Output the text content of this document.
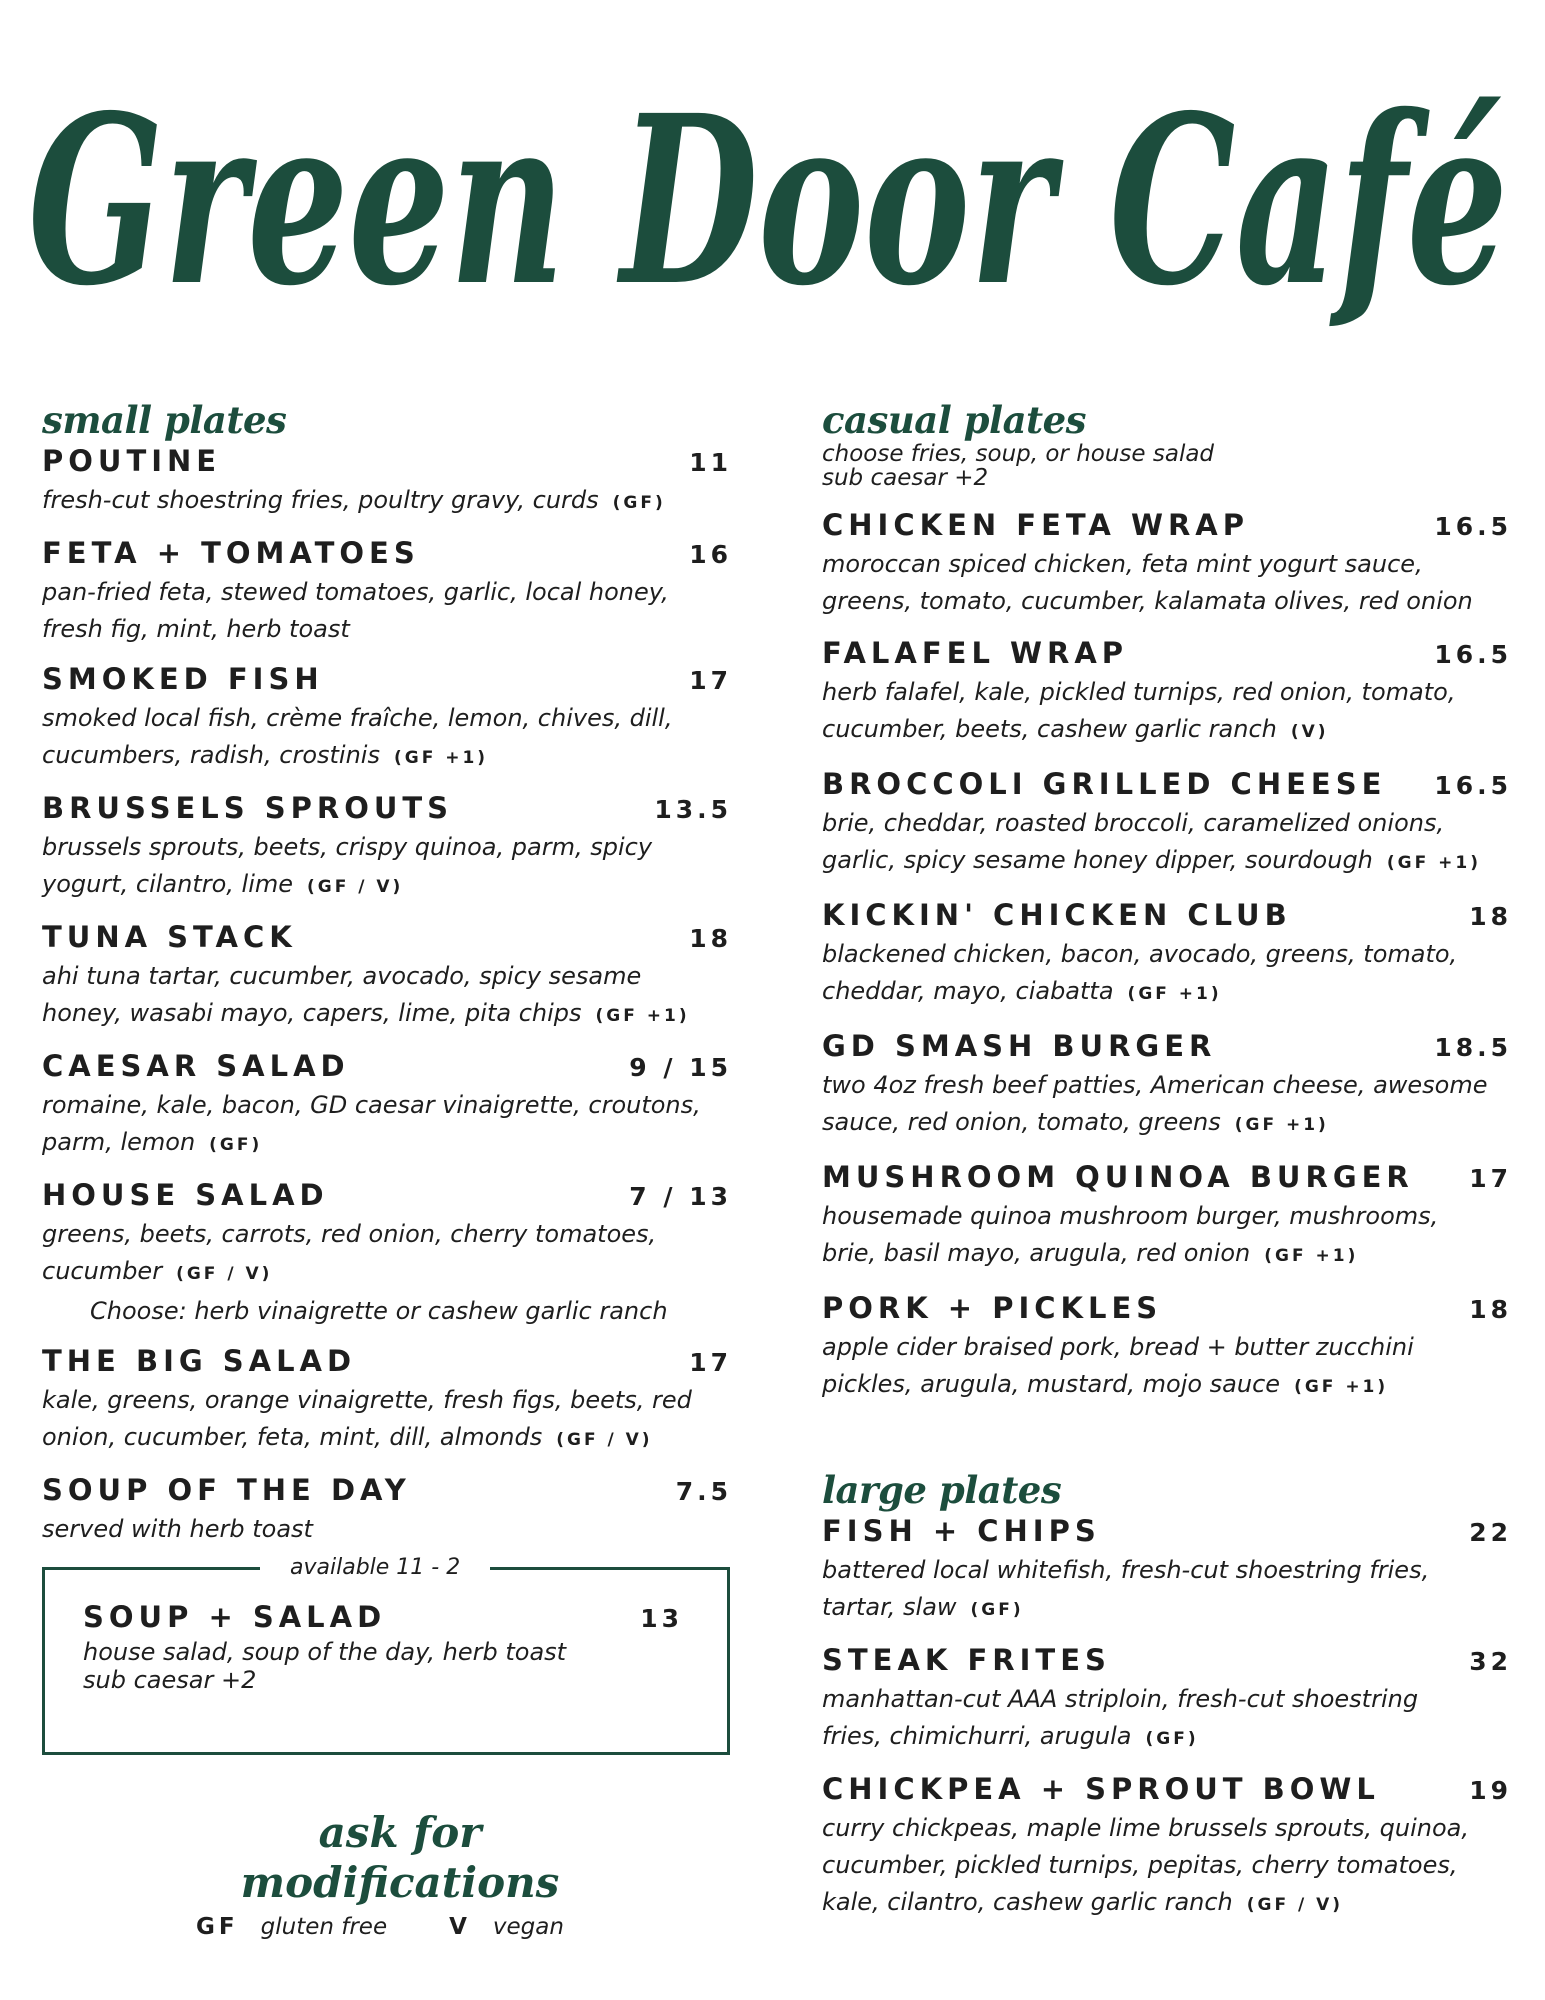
Green Door Café
small plates
POUTINE	11

fresh-cut shoestring fries, poultry gravy, curds (GF)

FETA + TOMATOES	16

pan-fried feta, stewed tomatoes, garlic, local honey,

fresh fig, mint, herb toast

SMOKED FISH	17

smoked local fish, crème fraîche, lemon, chives, dill,

cucumbers, radish, crostinis (GF +1)

BRUSSELS SPROUTS	13.5

brussels sprouts, beets, crispy quinoa, parm, spicy

yogurt, cilantro, lime (GF / V)

TUNA STACK	18

ahi tuna tartar, cucumber, avocado, spicy sesame

honey, wasabi mayo, capers, lime, pita chips (GF +1)

CAESAR SALAD	9 / 15

romaine, kale, bacon, GD caesar vinaigrette, croutons,

parm, lemon (GF)

HOUSE SALAD	7 / 13

greens, beets, carrots, red onion, cherry tomatoes,

cucumber (GF / V)

Choose: herb vinaigrette or cashew garlic ranch

THE BIG SALAD	17

kale, greens, orange vinaigrette, fresh figs, beets, red

onion, cucumber, feta, mint, dill, almonds (GF / V)

SOUP OF THE DAY	7.5

served with herb toast

available 11 - 2
SOUP + SALAD	13

house salad, soup of the day, herb toast

sub caesar +2

ask for modifications
GF gluten free	V vegan
casual plates

choose fries, soup, or house salad

sub caesar +2

CHICKEN FETA WRAP	16.5

moroccan spiced chicken, feta mint yogurt sauce,

greens, tomato, cucumber, kalamata olives, red onion

FALAFEL WRAP	16.5

herb falafel, kale, pickled turnips, red onion, tomato,

cucumber, beets, cashew garlic ranch (V)

BROCCOLI GRILLED CHEESE 16.5

brie, cheddar, roasted broccoli, caramelized onions,

garlic, spicy sesame honey dipper, sourdough (GF +1)

KICKIN' CHICKEN CLUB	18

blackened chicken, bacon, avocado, greens, tomato,

cheddar, mayo, ciabatta (GF +1)

GD SMASH BURGER	18.5

two 4oz fresh beef patties, American cheese, awesome

sauce, red onion, tomato, greens (GF +1)

MUSHROOM QUINOA BURGER 17

housemade quinoa mushroom burger, mushrooms,

brie, basil mayo, arugula, red onion (GF +1)

PORK + PICKLES	18

apple cider braised pork, bread + butter zucchini

pickles, arugula, mustard, mojo sauce (GF +1)

large plates
FISH + CHIPS	22

battered local whitefish, fresh-cut shoestring fries,

tartar, slaw (GF)

STEAK FRITES	32

manhattan-cut AAA striploin, fresh-cut shoestring

fries, chimichurri, arugula (GF)

CHICKPEA + SPROUT BOWL	19

curry chickpeas, maple lime brussels sprouts, quinoa,

cucumber, pickled turnips, pepitas, cherry tomatoes,

kale, cilantro, cashew garlic ranch (GF / V)
